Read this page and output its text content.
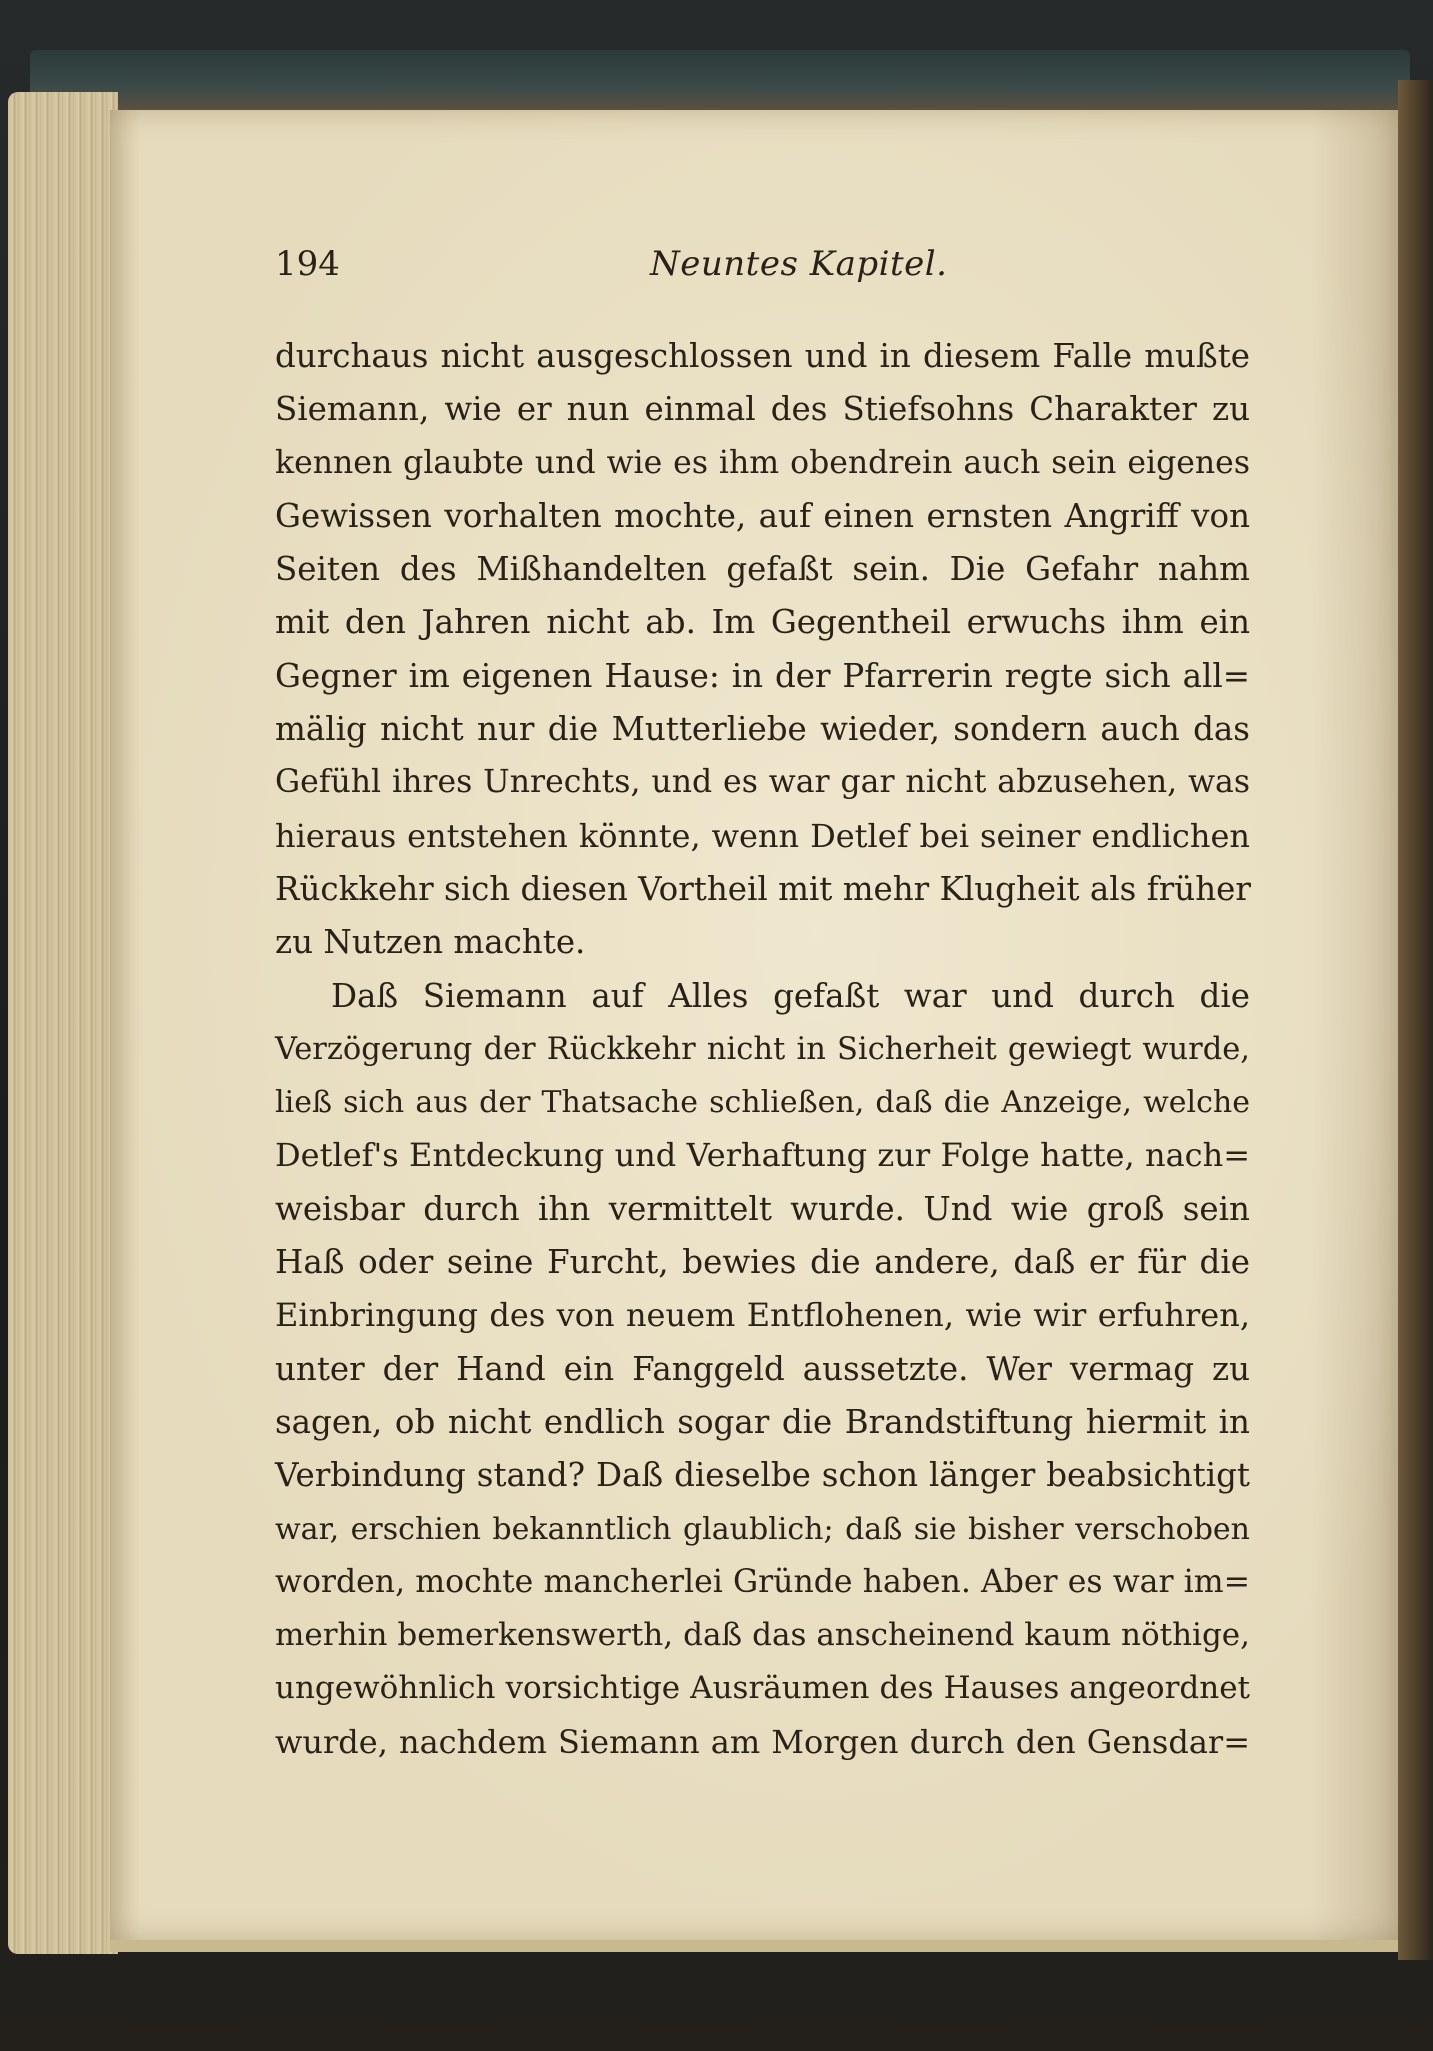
194	Neuntes Kapitel.
durchaus nicht ausgeschlossen und in diesem Falle mußte
Siemann, wie er nun einmal des Stiefsohns Charakter zu
kennen glaubte und wie es ihm obendrein auch sein eigenes
Gewissen vorhalten mochte, auf einen ernsten Angriff von
Seiten des Mißhandelten gefaßt sein. Die Gefahr nahm
mit den Jahren nicht ab. Im Gegentheil erwuchs ihm ein
Gegner im eigenen Hause: in der Pfarrerin regte sich all=
mälig nicht nur die Mutterliebe wieder, sondern auch das
Gefühl ihres Unrechts, und es war gar nicht abzusehen, was
hieraus entstehen könnte, wenn Detlef bei seiner endlichen
Rückkehr sich diesen Vortheil mit mehr Klugheit als früher
zu Nutzen machte.
Daß Siemann auf Alles gefaßt war und durch die
Verzögerung der Rückkehr nicht in Sicherheit gewiegt wurde,
ließ sich aus der Thatsache schließen, daß die Anzeige, welche
Detlef's Entdeckung und Verhaftung zur Folge hatte, nach=
weisbar durch ihn vermittelt wurde. Und wie groß sein
Haß oder seine Furcht, bewies die andere, daß er für die
Einbringung des von neuem Entflohenen, wie wir erfuhren,
unter der Hand ein Fanggeld aussetzte. Wer vermag zu
sagen, ob nicht endlich sogar die Brandstiftung hiermit in
Verbindung stand? Daß dieselbe schon länger beabsichtigt
war, erschien bekanntlich glaublich; daß sie bisher verschoben
worden, mochte mancherlei Gründe haben. Aber es war im=
merhin bemerkenswerth, daß das anscheinend kaum nöthige,
ungewöhnlich vorsichtige Ausräumen des Hauses angeordnet
wurde, nachdem Siemann am Morgen durch den Gensdar=
